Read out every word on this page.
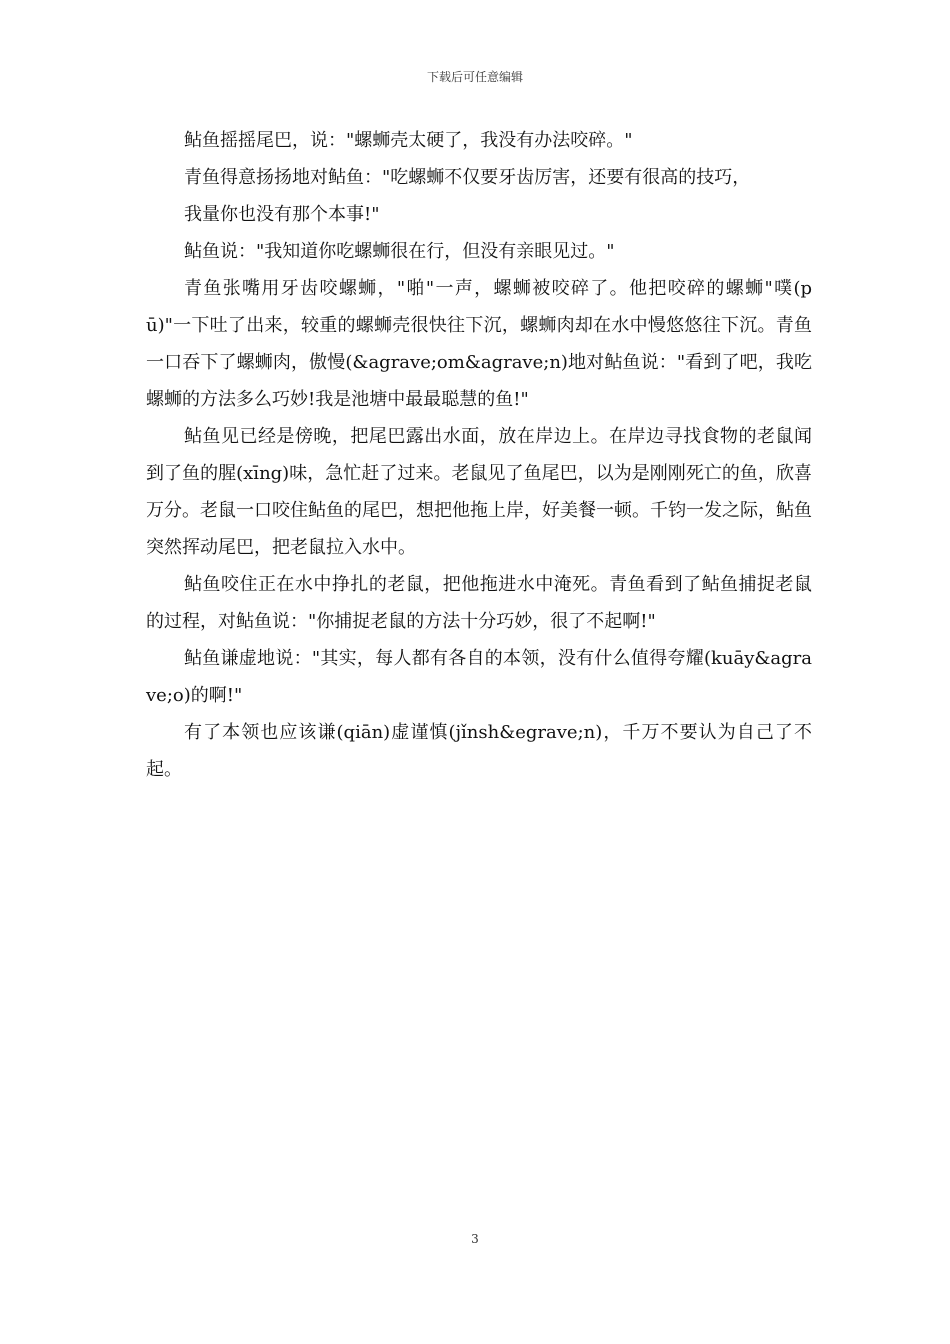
下载后可任意编辑

鲇鱼摇摇尾巴，说："螺蛳壳太硬了，我没有办法咬碎。"

青鱼得意扬扬地对鲇鱼："吃螺蛳不仅要牙齿厉害，还要有很高的技巧，

我量你也没有那个本事!"

鲇鱼说："我知道你吃螺蛳很在行，但没有亲眼见过。"

青鱼张嘴用牙齿咬螺蛳，"啪"一声，螺蛳被咬碎了。他把咬碎的螺蛳"噗(pū)"一下吐了出来，较重的螺蛳壳很快往下沉，螺蛳肉却在水中慢悠悠往下沉。青鱼一口吞下了螺蛳肉，傲慢(&agrave;om&agrave;n)地对鲇鱼说："看到了吧，我吃螺蛳的方法多么巧妙!我是池塘中最最聪慧的鱼!"

鲇鱼见已经是傍晚，把尾巴露出水面，放在岸边上。在岸边寻找食物的老鼠闻到了鱼的腥(xīng)味，急忙赶了过来。老鼠见了鱼尾巴，以为是刚刚死亡的鱼，欣喜万分。老鼠一口咬住鲇鱼的尾巴，想把他拖上岸，好美餐一顿。千钧一发之际，鲇鱼突然挥动尾巴，把老鼠拉入水中。

鲇鱼咬住正在水中挣扎的老鼠，把他拖进水中淹死。青鱼看到了鲇鱼捕捉老鼠的过程，对鲇鱼说："你捕捉老鼠的方法十分巧妙，很了不起啊!"

鲇鱼谦虚地说："其实，每人都有各自的本领，没有什么值得夸耀(kuāy&agrave;o)的啊!"

有了本领也应该谦(qiān)虚谨慎(jǐnsh&egrave;n)，千万不要认为自己了不起。

3
